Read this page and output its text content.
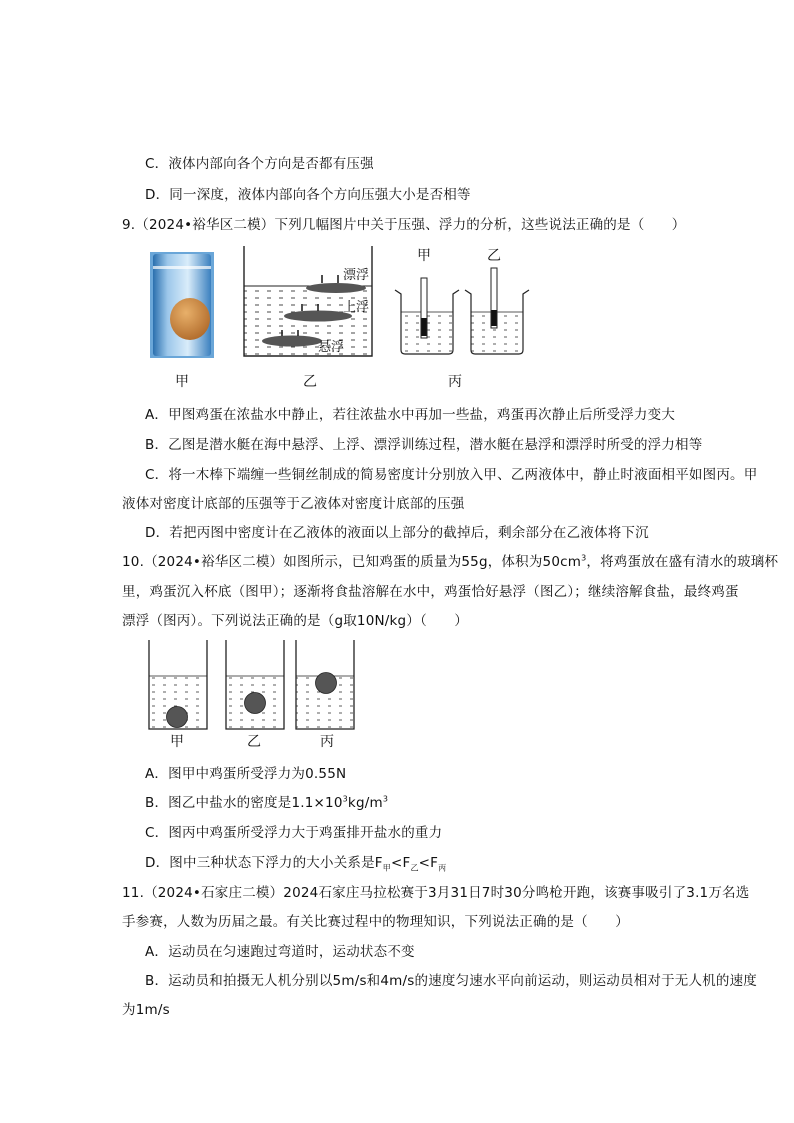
C．液体内部向各个方向是否都有压强
D．同一深度，液体内部向各个方向压强大小是否相等
9.（2024•裕华区二模）下列几幅图片中关于压强、浮力的分析，这些说法正确的是（　　）
漂浮
上浮
悬浮
甲	乙
甲	乙	丙
A．甲图鸡蛋在浓盐水中静止，若往浓盐水中再加一些盐，鸡蛋再次静止后所受浮力变大
B．乙图是潜水艇在海中悬浮、上浮、漂浮训练过程，潜水艇在悬浮和漂浮时所受的浮力相等
C．将一木棒下端缠一些铜丝制成的简易密度计分别放入甲、乙两液体中，静止时液面相平如图丙。甲
液体对密度计底部的压强等于乙液体对密度计底部的压强
D．若把丙图中密度计在乙液体的液面以上部分的截掉后，剩余部分在乙液体将下沉
10.（2024•裕华区二模）如图所示，已知鸡蛋的质量为55g，体积为$50cm^3$，将鸡蛋放在盛有清水的玻璃杯
里，鸡蛋沉入杯底（图甲）；逐渐将食盐溶解在水中，鸡蛋恰好悬浮（图乙）；继续溶解食盐，最终鸡蛋
漂浮（图丙）。下列说法正确的是（g取10N/kg）（　　）
甲	乙	丙
A．图甲中鸡蛋所受浮力为0.55N
B．图乙中盐水的密度是$1.1\times 10^3kg/m^3$
C．图丙中鸡蛋所受浮力大于鸡蛋排开盐水的重力
D．图中三种状态下浮力的大小关系是$F_甲<F_乙<F_丙$
11.（2024•石家庄二模）2024石家庄马拉松赛于3月31日7时30分鸣枪开跑，该赛事吸引了3.1万名选
手参赛，人数为历届之最。有关比赛过程中的物理知识，下列说法正确的是（　　）
A．运动员在匀速跑过弯道时，运动状态不变
B．运动员和拍摄无人机分别以5m/s和4m/s的速度匀速水平向前运动，则运动员相对于无人机的速度
为1m/s
